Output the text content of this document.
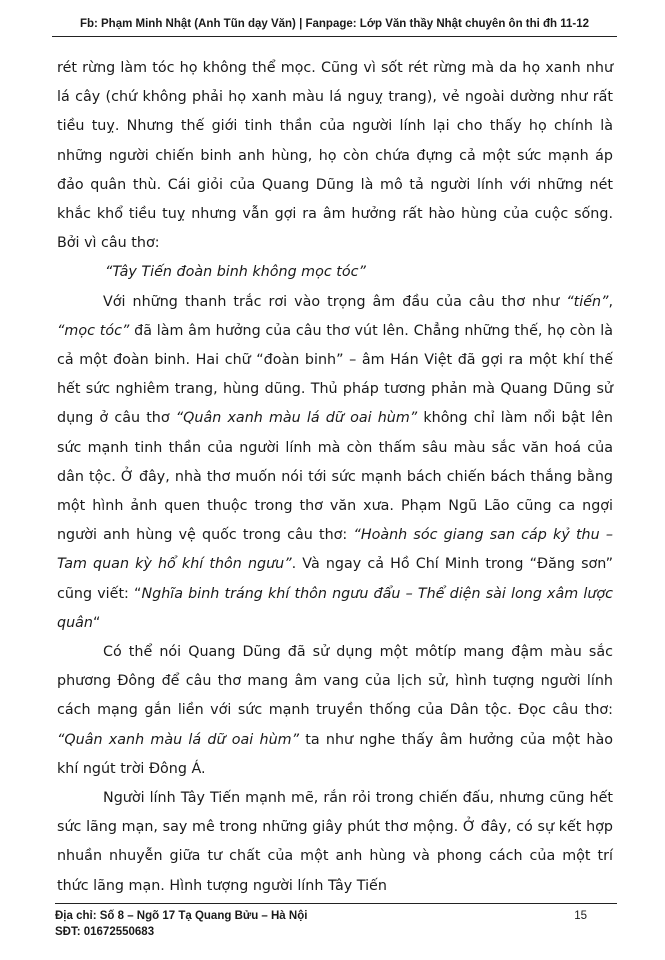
Fb: Phạm Minh Nhật (Anh Tũn dạy Văn) | Fanpage: Lớp Văn thầy Nhật chuyên ôn thi đh 11-12

rét rừng làm tóc họ không thể mọc. Cũng vì sốt rét rừng mà da họ xanh như lá cây (chứ không phải họ xanh màu lá nguỵ trang), vẻ ngoài dường như rất tiều tuỵ. Nhưng thế giới tinh thần của người lính lại cho thấy họ chính là những người chiến binh anh hùng, họ còn chứa đựng cả một sức mạnh áp đảo quân thù. Cái giỏi của Quang Dũng là mô tả người lính với những nét khắc khổ tiều tuỵ nhưng vẫn gợi ra âm hưởng rất hào hùng của cuộc sống. Bởi vì câu thơ:

“Tây Tiến đoàn binh không mọc tóc”

Với những thanh trắc rơi vào trọng âm đầu của câu thơ như “tiến”, “mọc tóc” đã làm âm hưởng của câu thơ vút lên. Chẳng những thế, họ còn là cả một đoàn binh. Hai chữ “đoàn binh” – âm Hán Việt đã gợi ra một khí thế hết sức nghiêm trang, hùng dũng. Thủ pháp tương phản mà Quang Dũng sử dụng ở câu thơ “Quân xanh màu lá dữ oai hùm” không chỉ làm nổi bật lên sức mạnh tinh thần của người lính mà còn thấm sâu màu sắc văn hoá của dân tộc. Ở đây, nhà thơ muốn nói tới sức mạnh bách chiến bách thắng bằng một hình ảnh quen thuộc trong thơ văn xưa. Phạm Ngũ Lão cũng ca ngợi người anh hùng vệ quốc trong câu thơ: “Hoành sóc giang san cáp kỷ thu – Tam quan kỳ hổ khí thôn ngưu”. Và ngay cả Hồ Chí Minh trong “Đăng sơn” cũng viết: “Nghĩa binh tráng khí thôn ngưu đẩu – Thể diện sài long xâm lược quân“

Có thể nói Quang Dũng đã sử dụng một môtíp mang đậm màu sắc phương Đông để câu thơ mang âm vang của lịch sử, hình tượng người lính cách mạng gắn liền với sức mạnh truyền thống của Dân tộc. Đọc câu thơ: “Quân xanh màu lá dữ oai hùm” ta như nghe thấy âm hưởng của một hào khí ngút trời Đông Á.

Người lính Tây Tiến mạnh mẽ, rắn rỏi trong chiến đấu, nhưng cũng hết sức lãng mạn, say mê trong những giây phút thơ mộng. Ở đây, có sự kết hợp nhuần nhuyễn giữa tư chất của một anh hùng và phong cách của một trí thức lãng mạn. Hình tượng người lính Tây Tiến

Địa chỉ: Số 8 – Ngõ 17 Tạ Quang Bửu – Hà Nội
SĐT: 01672550683
15
